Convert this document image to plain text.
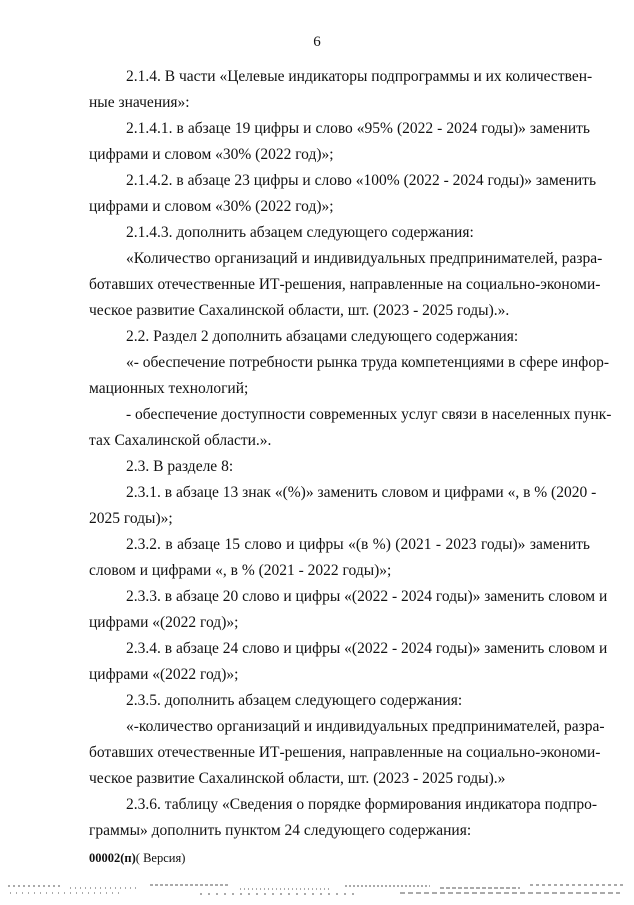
6

2.1.4. В части «Целевые индикаторы подпрограммы и их количествен-

ные значения»:

2.1.4.1. в абзаце 19 цифры и слово «95% (2022 - 2024 годы)» заменить

цифрами и словом «30% (2022 год)»;

2.1.4.2. в абзаце 23 цифры и слово «100% (2022 - 2024 годы)» заменить

цифрами и словом «30% (2022 год)»;

2.1.4.3. дополнить абзацем следующего содержания:

«Количество организаций и индивидуальных предпринимателей, разра-

ботавших отечественные ИТ-решения, направленные на социально-экономи-

ческое развитие Сахалинской области, шт. (2023 - 2025 годы).».

2.2. Раздел 2 дополнить абзацами следующего содержания:

«- обеспечение потребности рынка труда компетенциями в сфере инфор-

мационных технологий;

- обеспечение доступности современных услуг связи в населенных пунк-

тах Сахалинской области.».

2.3. В разделе 8:

2.3.1. в абзаце 13 знак «(%)» заменить словом и цифрами «, в % (2020 -

2025 годы)»;

2.3.2. в абзаце 15 слово и цифры «(в %) (2021 - 2023 годы)» заменить

словом и цифрами «, в % (2021 - 2022 годы)»;

2.3.3. в абзаце 20 слово и цифры «(2022 - 2024 годы)» заменить словом и

цифрами «(2022 год)»;

2.3.4. в абзаце 24 слово и цифры «(2022 - 2024 годы)» заменить словом и

цифрами «(2022 год)»;

2.3.5. дополнить абзацем следующего содержания:

«-количество организаций и индивидуальных предпринимателей, разра-

ботавших отечественные ИТ-решения, направленные на социально-экономи-

ческое развитие Сахалинской области, шт. (2023 - 2025 годы).»

2.3.6. таблицу «Сведения о порядке формирования индикатора подпро-

граммы» дополнить пунктом 24 следующего содержания:

00002(п)( Версия)
